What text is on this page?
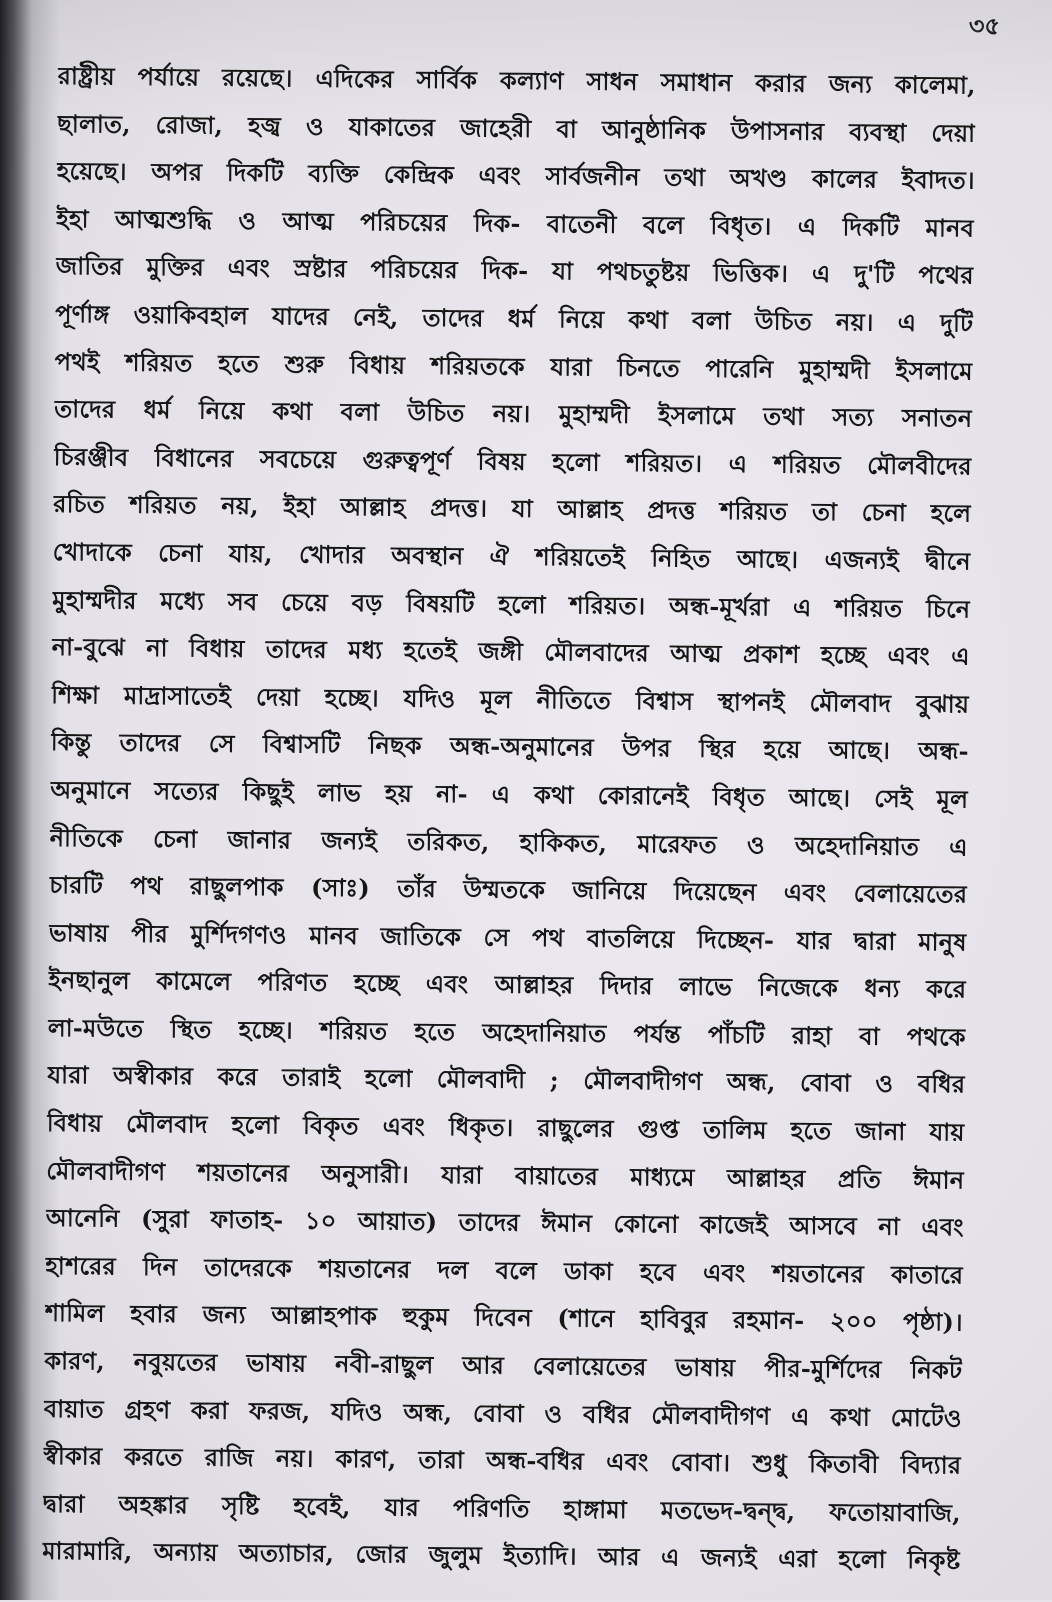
৩৫
রাষ্ট্রীয় পর্যায়ে রয়েছে। এদিকের সার্বিক কল্যাণ সাধন সমাধান করার জন্য কালেমা,
ছালাত, রোজা, হজ্ব ও যাকাতের জাহেরী বা আনুষ্ঠানিক উপাসনার ব্যবস্থা দেয়া
হয়েছে। অপর দিকটি ব্যক্তি কেন্দ্রিক এবং সার্বজনীন তথা অখণ্ড কালের ইবাদত।
ইহা আত্মশুদ্ধি ও আত্ম পরিচয়ের দিক- বাতেনী বলে বিধৃত। এ দিকটি মানব
জাতির মুক্তির এবং স্রষ্টার পরিচয়ের দিক- যা পথচতুষ্টয় ভিত্তিক। এ দু'টি পথের
পূর্ণাঙ্গ ওয়াকিবহাল যাদের নেই, তাদের ধর্ম নিয়ে কথা বলা উচিত নয়। এ দুটি
পথই শরিয়ত হতে শুরু বিধায় শরিয়তকে যারা চিনতে পারেনি মুহাম্মদী ইসলামে
তাদের ধর্ম নিয়ে কথা বলা উচিত নয়। মুহাম্মদী ইসলামে তথা সত্য সনাতন
চিরঞ্জীব বিধানের সবচেয়ে গুরুত্বপূর্ণ বিষয় হলো শরিয়ত। এ শরিয়ত মৌলবীদের
রচিত শরিয়ত নয়, ইহা আল্লাহ প্রদত্ত। যা আল্লাহ প্রদত্ত শরিয়ত তা চেনা হলে
খোদাকে চেনা যায়, খোদার অবস্থান ঐ শরিয়তেই নিহিত আছে। এজন্যই দ্বীনে
মুহাম্মদীর মধ্যে সব চেয়ে বড় বিষয়টি হলো শরিয়ত। অন্ধ-মূর্খরা এ শরিয়ত চিনে
না-বুঝে না বিধায় তাদের মধ্য হতেই জঙ্গী মৌলবাদের আত্ম প্রকাশ হচ্ছে এবং এ
শিক্ষা মাদ্রাসাতেই দেয়া হচ্ছে। যদিও মূল নীতিতে বিশ্বাস স্থাপনই মৌলবাদ বুঝায়
কিন্তু তাদের সে বিশ্বাসটি নিছক অন্ধ-অনুমানের উপর স্থির হয়ে আছে। অন্ধ-
অনুমানে সত্যের কিছুই লাভ হয় না- এ কথা কোরানেই বিধৃত আছে। সেই মূল
নীতিকে চেনা জানার জন্যই তরিকত, হাকিকত, মারেফত ও অহেদানিয়াত এ
চারটি পথ রাছুলপাক (সাঃ) তাঁর উম্মতকে জানিয়ে দিয়েছেন এবং বেলায়েতের
ভাষায় পীর মুর্শিদগণও মানব জাতিকে সে পথ বাতলিয়ে দিচ্ছেন- যার দ্বারা মানুষ
ইনছানুল কামেলে পরিণত হচ্ছে এবং আল্লাহর দিদার লাভে নিজেকে ধন্য করে
লা-মউতে স্থিত হচ্ছে। শরিয়ত হতে অহেদানিয়াত পর্যন্ত পাঁচটি রাহা বা পথকে
যারা অস্বীকার করে তারাই হলো মৌলবাদী ; মৌলবাদীগণ অন্ধ, বোবা ও বধির
বিধায় মৌলবাদ হলো বিকৃত এবং ধিকৃত। রাছুলের গুপ্ত তালিম হতে জানা যায়
মৌলবাদীগণ শয়তানের অনুসারী। যারা বায়াতের মাধ্যমে আল্লাহর প্রতি ঈমান
আনেনি (সুরা ফাতাহ- ১০ আয়াত) তাদের ঈমান কোনো কাজেই আসবে না এবং
হাশরের দিন তাদেরকে শয়তানের দল বলে ডাকা হবে এবং শয়তানের কাতারে
শামিল হবার জন্য আল্লাহপাক হুকুম দিবেন (শানে হাবিবুর রহমান- ২০০ পৃষ্ঠা)।
কারণ, নবুয়তের ভাষায় নবী-রাছুল আর বেলায়েতের ভাষায় পীর-মুর্শিদের নিকট
বায়াত গ্রহণ করা ফরজ, যদিও অন্ধ, বোবা ও বধির মৌলবাদীগণ এ কথা মোটেও
স্বীকার করতে রাজি নয়। কারণ, তারা অন্ধ-বধির এবং বোবা। শুধু কিতাবী বিদ্যার
দ্বারা অহঙ্কার সৃষ্টি হবেই, যার পরিণতি হাঙ্গামা মতভেদ-দ্বন্দ্ব, ফতোয়াবাজি,
মারামারি, অন্যায় অত্যাচার, জোর জুলুম ইত্যাদি। আর এ জন্যই এরা হলো নিকৃষ্ট
